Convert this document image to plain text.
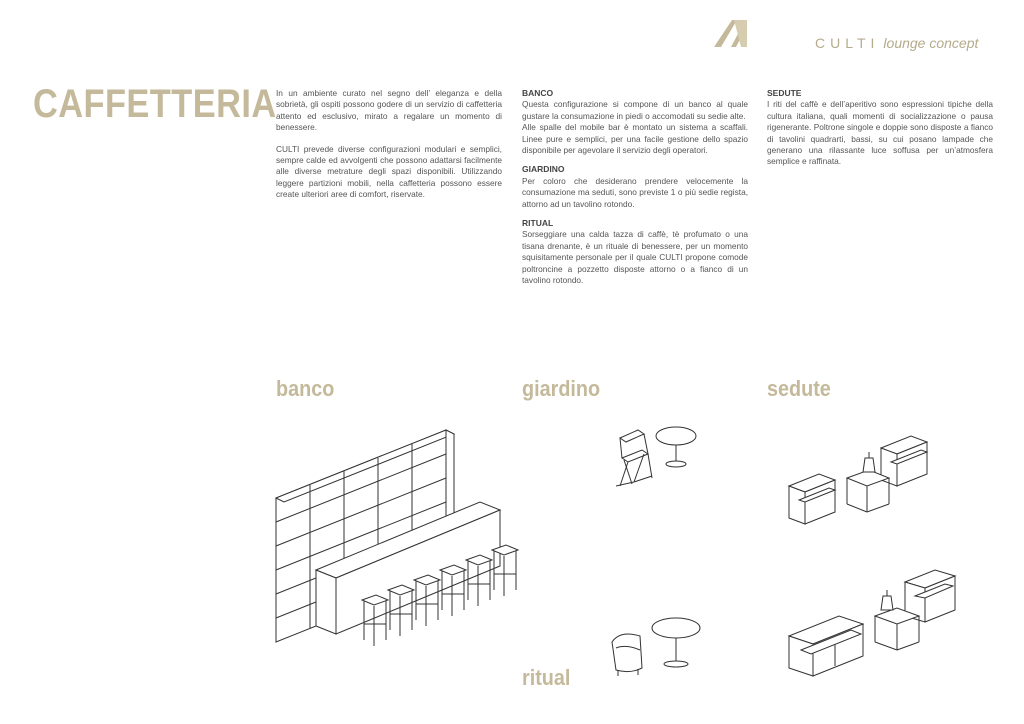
CULTI lounge concept
CAFFETTERIA In un ambiente curato nel segno dell’ eleganza e della sobrietà, gli ospiti possono godere di un servizio di caffetteria attento ed esclusivo, mirato a regalare un momento di benessere.

CULTI prevede diverse configurazioni modulari e semplici, sempre calde ed avvolgenti che possono adattarsi facilmente alle diverse metrature degli spazi disponibili. Utilizzando leggere partizioni mobili, nella caffetteria possono essere create ulteriori aree di comfort, riservate.

BANCO

Questa configurazione si compone di un banco al quale gustare la consumazione in piedi o accomodati su sedie alte.

Alle spalle del mobile bar è montato un sistema a scaffali. Linee pure e semplici, per una facile gestione dello spazio disponibile per agevolare il servizio degli operatori.

GIARDINO

Per coloro che desiderano prendere velocemente la consumazione ma seduti, sono previste 1 o più sedie regista, attorno ad un tavolino rotondo.

RITUAL

Sorseggiare una calda tazza di caffè, tè profumato o una tisana drenante, è un rituale di benessere, per un momento squisitamente personale per il quale CULTI propone comode poltroncine a pozzetto disposte attorno o a fianco di un tavolino rotondo.

SEDUTE

I riti del caffè e dell’aperitivo sono espressioni tipiche della cultura italiana, quali momenti di socializzazione o pausa rigenerante. Poltrone singole e doppie sono disposte a fianco di tavolini quadrarti, bassi, su cui posano lampade che generano una rilassante luce soffusa per un’atmosfera semplice e raffinata.

banco	giardino	sedute
ritual
